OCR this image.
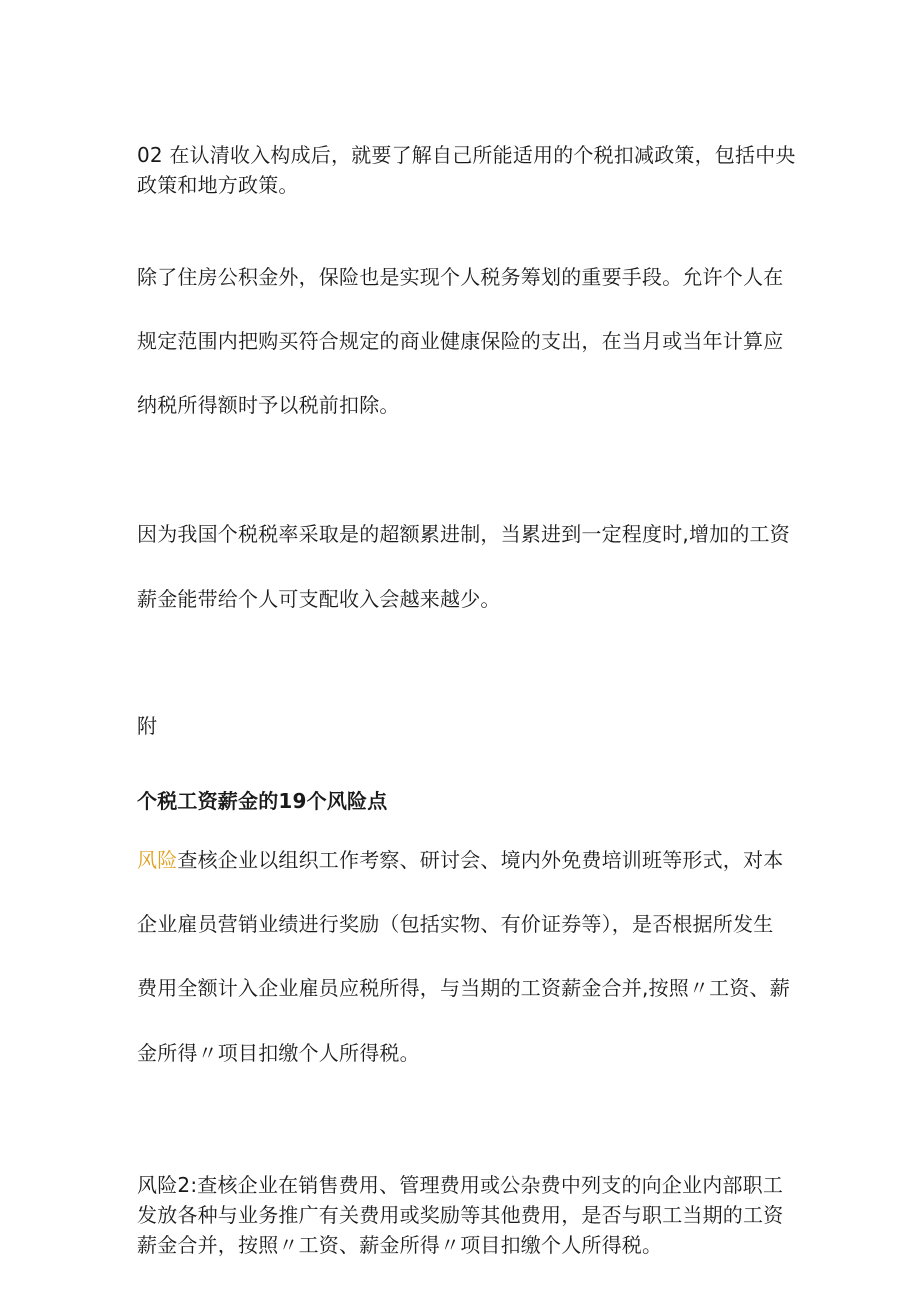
02 在认清收入构成后，就要了解自己所能适用的个税扣减政策，包括中央
政策和地方政策。
除了住房公积金外，保险也是实现个人税务筹划的重要手段。允许个人在
规定范围内把购买符合规定的商业健康保险的支出，在当月或当年计算应
纳税所得额时予以税前扣除。
因为我国个税税率采取是的超额累进制，当累进到一定程度时,增加的工资
薪金能带给个人可支配收入会越来越少。
附
个税工资薪金的19个风险点
风险查核企业以组织工作考察、研讨会、境内外免费培训班等形式，对本
企业雇员营销业绩进行奖励（包括实物、有价证券等），是否根据所发生
费用全额计入企业雇员应税所得，与当期的工资薪金合并,按照〃工资、薪
金所得〃项目扣缴个人所得税。
风险2:查核企业在销售费用、管理费用或公杂费中列支的向企业内部职工
发放各种与业务推广有关费用或奖励等其他费用，是否与职工当期的工资
薪金合并，按照〃工资、薪金所得〃项目扣缴个人所得税。
